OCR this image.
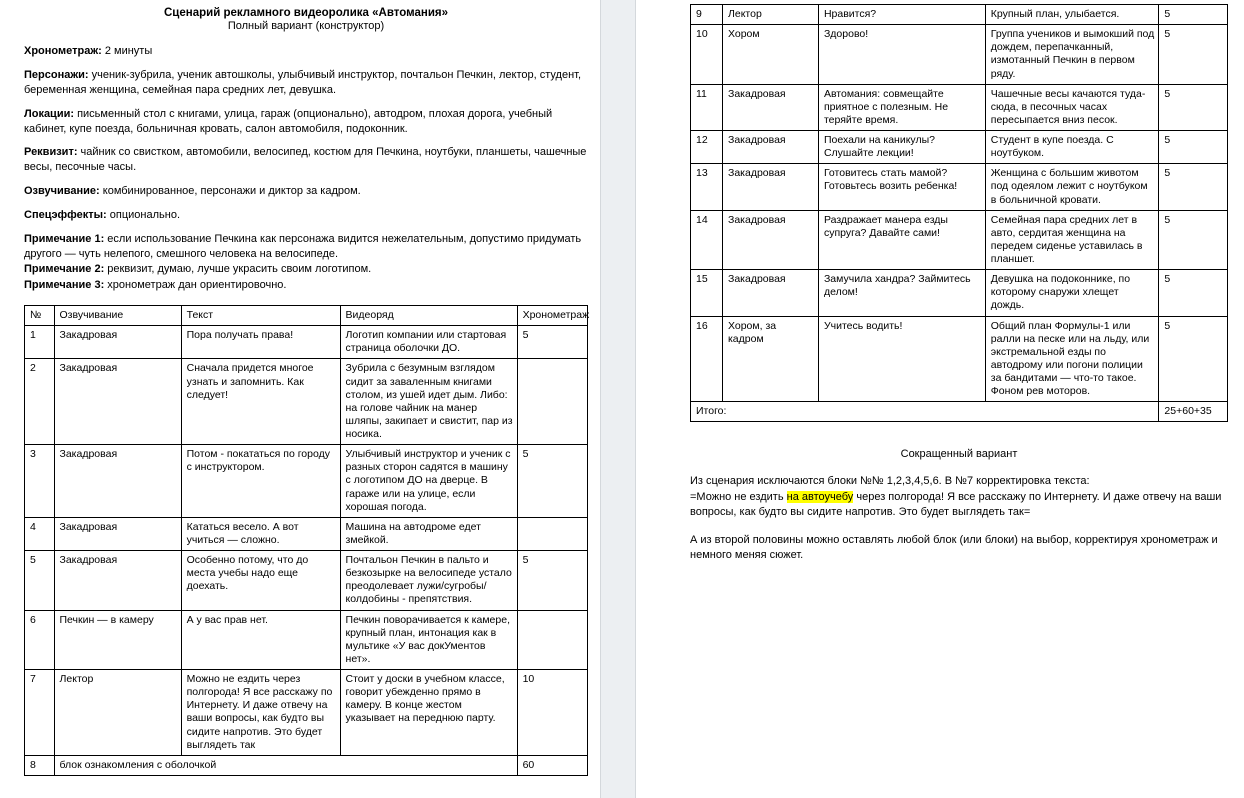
Сценарий рекламного видеоролика «Автомания»
Полный вариант (конструктор)

Хронометраж: 2 минуты

Персонажи: ученик-зубрила, ученик автошколы, улыбчивый инструктор, почтальон Печкин, лектор, студент, беременная женщина, семейная пара средних лет, девушка.

Локации: письменный стол с книгами, улица, гараж (опционально), автодром, плохая дорога, учебный кабинет, купе поезда, больничная кровать, салон автомобиля, подоконник.

Реквизит: чайник со свистком, автомобили, велосипед, костюм для Печкина, ноутбуки, планшеты, чашечные весы, песочные часы.

Озвучивание: комбинированное, персонажи и диктор за кадром.

Спецэффекты: опционально.

Примечание 1: если использование Печкина как персонажа видится нежелательным, допустимо придумать другого — чуть нелепого, смешного человека на велосипеде.

Примечание 2: реквизит, думаю, лучше украсить своим логотипом.

Примечание 3: хронометраж дан ориентировочно.

№	Озвучивание	Текст	Видеоряд	Хронометраж
1	Закадровая	Пора получать права!	Логотип компании или стартовая страница оболочки ДО.	5
2	Закадровая	Сначала придется многое узнать и запомнить. Как следует!	Зубрила с безумным взглядом сидит за заваленным книгами столом, из ушей идет дым. Либо: на голове чайник на манер шляпы, закипает и свистит, пар из носика.	
3	Закадровая	Потом - покататься по городу с инструктором.	Улыбчивый инструктор и ученик с разных сторон садятся в машину с логотипом ДО на дверце. В гараже или на улице, если хорошая погода.	5
4	Закадровая	Кататься весело. А вот учиться — сложно.	Машина на автодроме едет змейкой.	
5	Закадровая	Особенно потому, что до места учебы надо еще доехать.	Почтальон Печкин в пальто и безкозырке на велосипеде устало преодолевает лужи/сугробы/колдобины - препятствия.	5
6	Печкин — в камеру	А у вас прав нет.	Печкин поворачивается к камере, крупный план, интонация как в мультике «У вас докУментов нет».	
7	Лектор	Можно не ездить через полгорода! Я все расскажу по Интернету. И даже отвечу на ваши вопросы, как будто вы сидите напротив. Это будет выглядеть так	Стоит у доски в учебном классе, говорит убежденно прямо в камеру. В конце жестом указывает на переднюю парту.	10
8	блок ознакомления с оболочкой			60
9	Лектор	Нравится?	Крупный план, улыбается.	5
10	Хором	Здорово!	Группа учеников и вымокший под дождем, перепачканный, измотанный Печкин в первом ряду.	5
11	Закадровая	Автомания: совмещайте приятное с полезным. Не теряйте время.	Чашечные весы качаются туда-сюда, в песочных часах пересыпается вниз песок.	5
12	Закадровая	Поехали на каникулы? Слушайте лекции!	Студент в купе поезда. С ноутбуком.	5
13	Закадровая	Готовитесь стать мамой? Готовьтесь возить ребенка!	Женщина с большим животом под одеялом лежит с ноутбуком в больничной кровати.	5
14	Закадровая	Раздражает манера езды супруга? Давайте сами!	Семейная пара средних лет в авто, сердитая женщина на передем сиденье уставилась в планшет.	5
15	Закадровая	Замучила хандра? Займитесь делом!	Девушка на подоконнике, по которому снаружи хлещет дождь.	5
16	Хором, за кадром	Учитесь водить!	Общий план Формулы-1 или ралли на песке или на льду, или экстремальной езды по автодрому или погони полиции за бандитами — что-то такое. Фоном рев моторов.	5
Итого:				25+60+35
Сокращенный вариант

Из сценария исключаются блоки №№ 1,2,3,4,5,6. В №7 корректировка текста:
=Можно не ездить на автоучебу через полгорода! Я все расскажу по Интернету. И даже отвечу на ваши вопросы, как будто вы сидите напротив. Это будет выглядеть так=

А из второй половины можно оставлять любой блок (или блоки) на выбор, корректируя хронометраж и немного меняя сюжет.
